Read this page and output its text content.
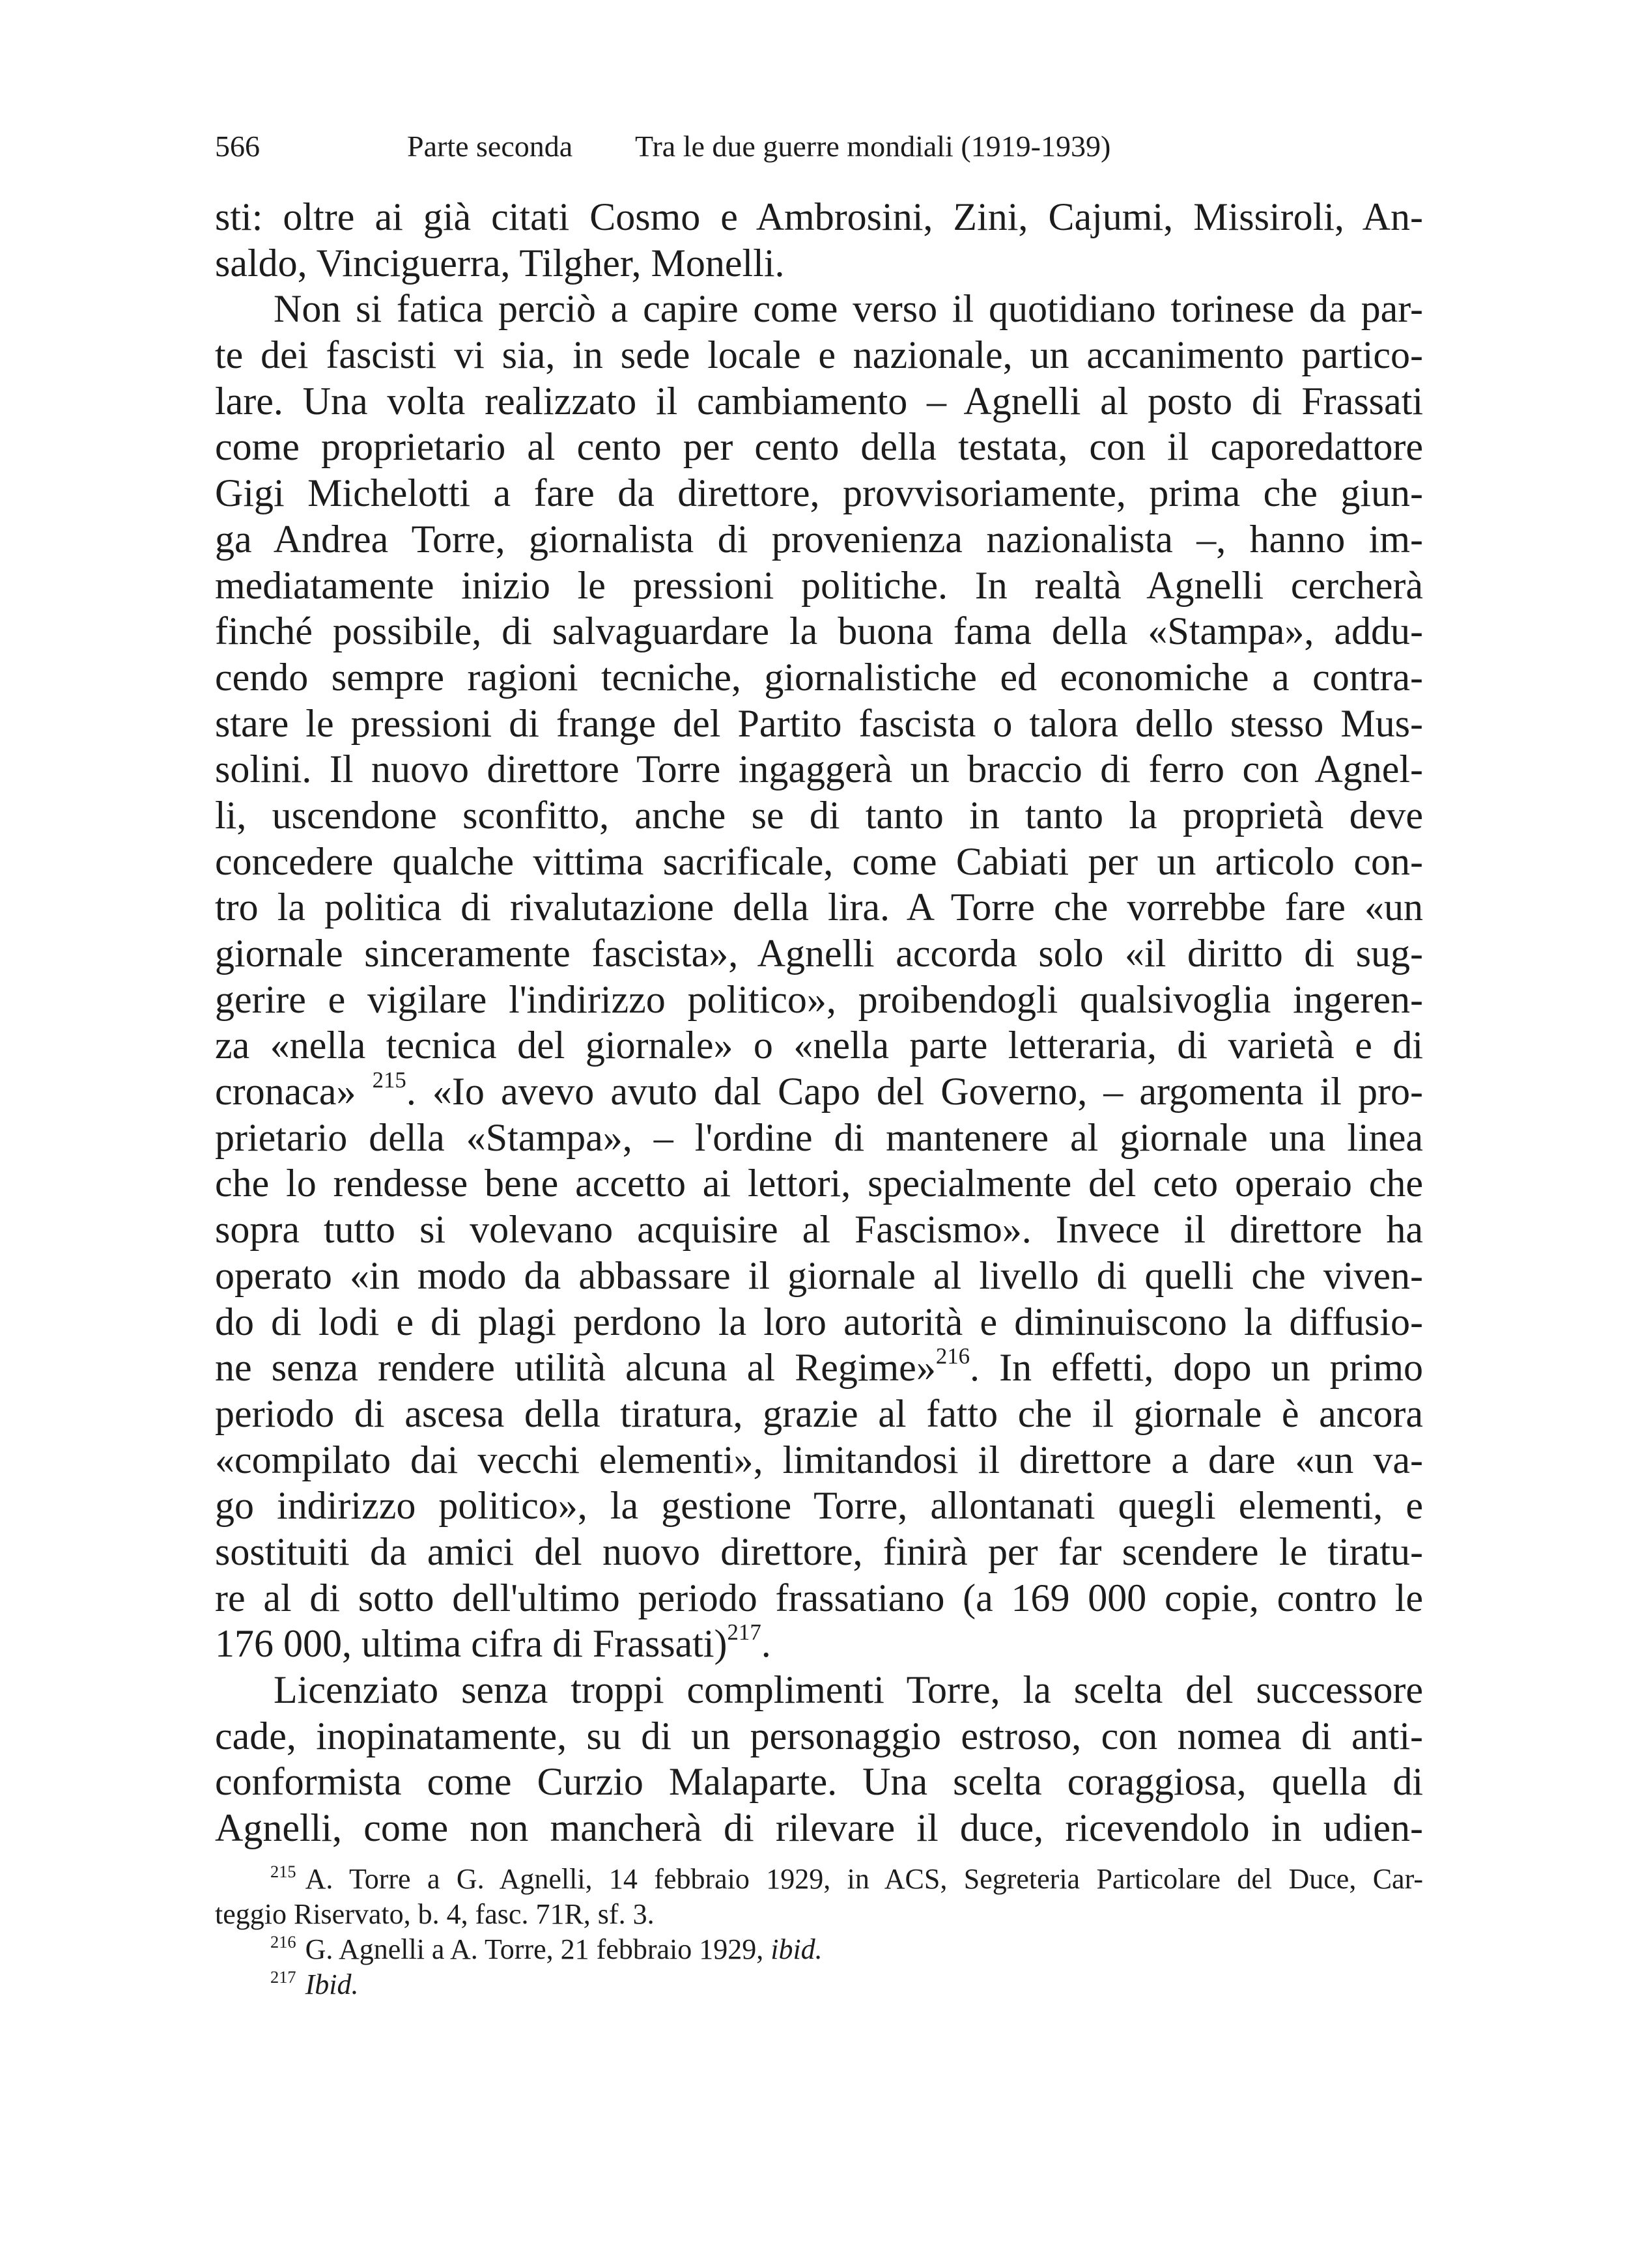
566	Parte seconda Tra le due guerre mondiali (1919-1939)
sti: oltre ai già citati Cosmo e Ambrosini, Zini, Cajumi, Missiroli, An-
saldo, Vinciguerra, Tilgher, Monelli.
Non si fatica perciò a capire come verso il quotidiano torinese da par-
te dei fascisti vi sia, in sede locale e nazionale, un accanimento partico-
lare. Una volta realizzato il cambiamento – Agnelli al posto di Frassati
come proprietario al cento per cento della testata, con il caporedattore
Gigi Michelotti a fare da direttore, provvisoriamente, prima che giun-
ga Andrea Torre, giornalista di provenienza nazionalista –, hanno im-
mediatamente inizio le pressioni politiche. In realtà Agnelli cercherà
finché possibile, di salvaguardare la buona fama della «Stampa», addu-
cendo sempre ragioni tecniche, giornalistiche ed economiche a contra-
stare le pressioni di frange del Partito fascista o talora dello stesso Mus-
solini. Il nuovo direttore Torre ingaggerà un braccio di ferro con Agnel-
li, uscendone sconfitto, anche se di tanto in tanto la proprietà deve
concedere qualche vittima sacrificale, come Cabiati per un articolo con-
tro la politica di rivalutazione della lira. A Torre che vorrebbe fare «un
giornale sinceramente fascista», Agnelli accorda solo «il diritto di sug-
gerire e vigilare l'indirizzo politico», proibendogli qualsivoglia ingeren-
za «nella tecnica del giornale» o «nella parte letteraria, di varietà e di
cronaca» $^{215}$. «Io avevo avuto dal Capo del Governo, – argomenta il pro-
prietario della «Stampa», – l'ordine di mantenere al giornale una linea
che lo rendesse bene accetto ai lettori, specialmente del ceto operaio che
sopra tutto si volevano acquisire al Fascismo». Invece il direttore ha
operato «in modo da abbassare il giornale al livello di quelli che viven-
do di lodi e di plagi perdono la loro autorità e diminuiscono la diffusio-
ne senza rendere utilità alcuna al Regime»$^{216}$. In effetti, dopo un primo
periodo di ascesa della tiratura, grazie al fatto che il giornale è ancora
«compilato dai vecchi elementi», limitandosi il direttore a dare «un va-
go indirizzo politico», la gestione Torre, allontanati quegli elementi, e
sostituiti da amici del nuovo direttore, finirà per far scendere le tiratu-
re al di sotto dell'ultimo periodo frassatiano (a 169 000 copie, contro le
176 000, ultima cifra di Frassati)$^{217}$.
Licenziato senza troppi complimenti Torre, la scelta del successore
cade, inopinatamente, su di un personaggio estroso, con nomea di anti-
conformista come Curzio Malaparte. Una scelta coraggiosa, quella di
Agnelli, come non mancherà di rilevare il duce, ricevendolo in udien-
$^{215}$ A. Torre a G. Agnelli, 14 febbraio 1929, in ACS, Segreteria Particolare del Duce, Car-
teggio Riservato, b. 4, fasc. 71R, sf. 3.
$^{216}$ G. Agnelli a A. Torre, 21 febbraio 1929, ibid.
$^{217}$ Ibid.
